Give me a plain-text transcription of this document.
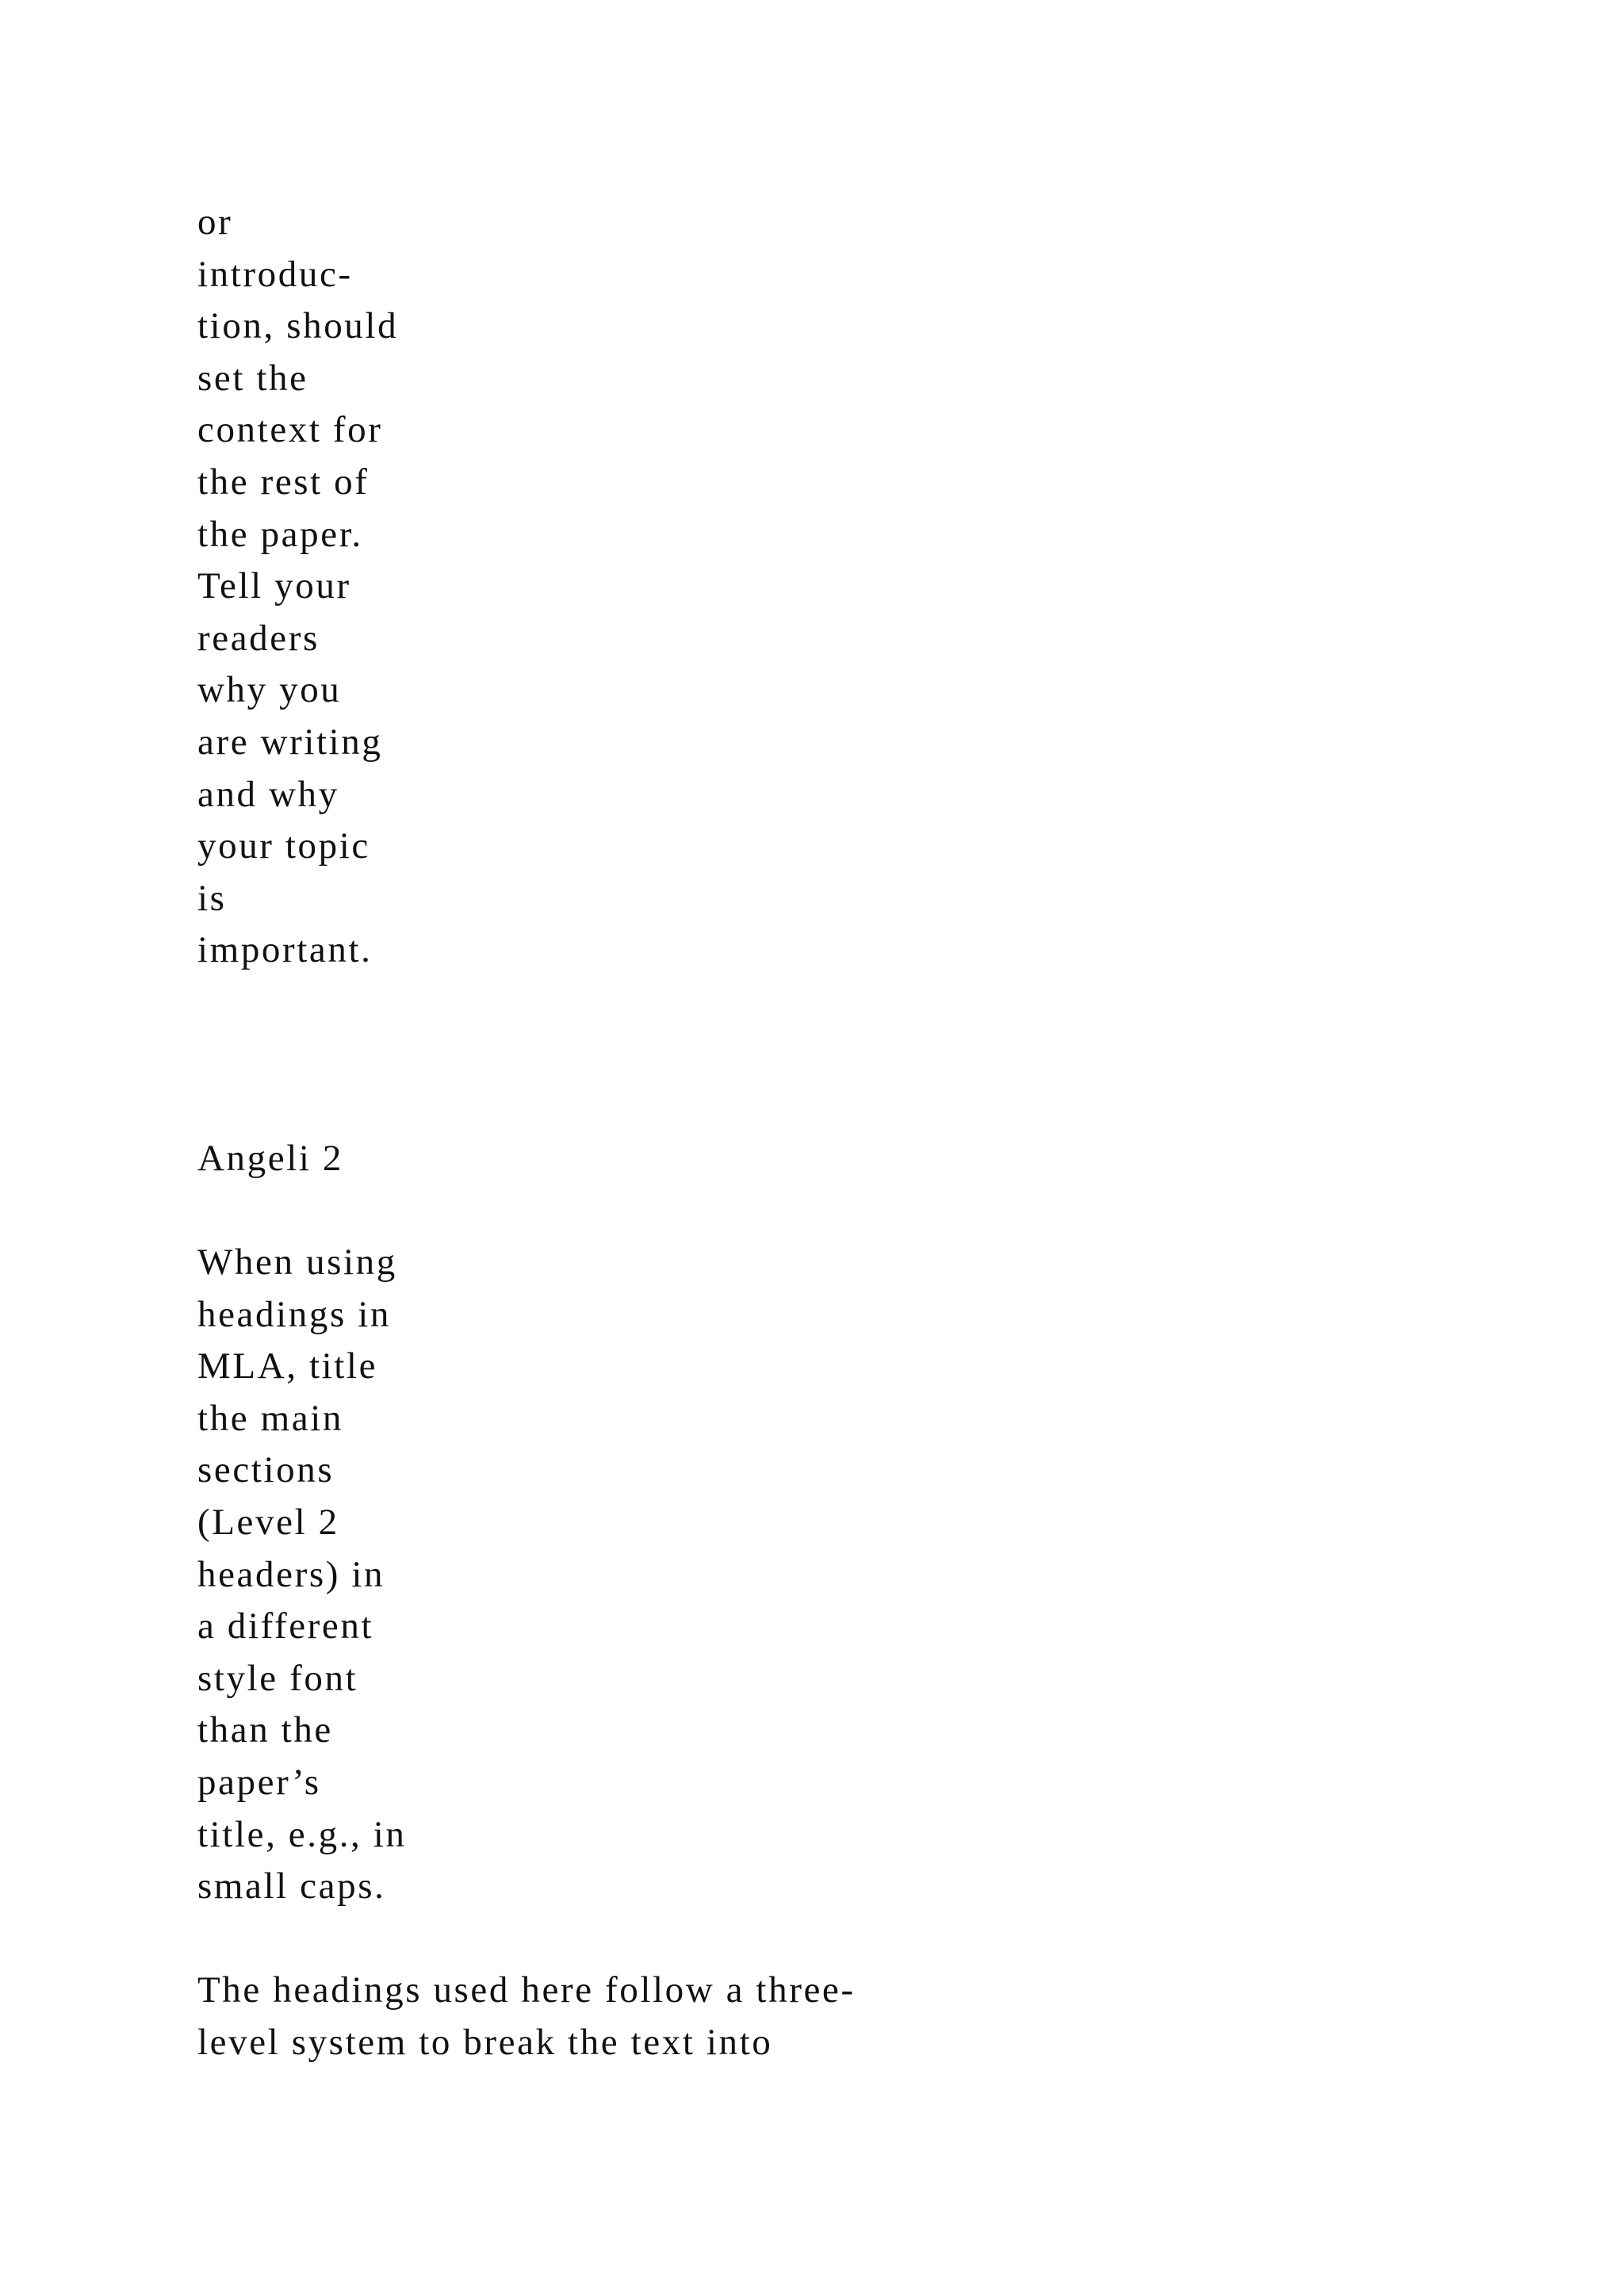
or
introduc-
tion, should
set the
context for
the rest of
the paper.
Tell your
readers
why you
are writing
and why
your topic
is
important.
Angeli 2
When using
headings in
MLA, title
the main
sections
(Level 2
headers) in
a different
style font
than the
paper’s
title, e.g., in
small caps.
The headings used here follow a three-
level system to break the text into
